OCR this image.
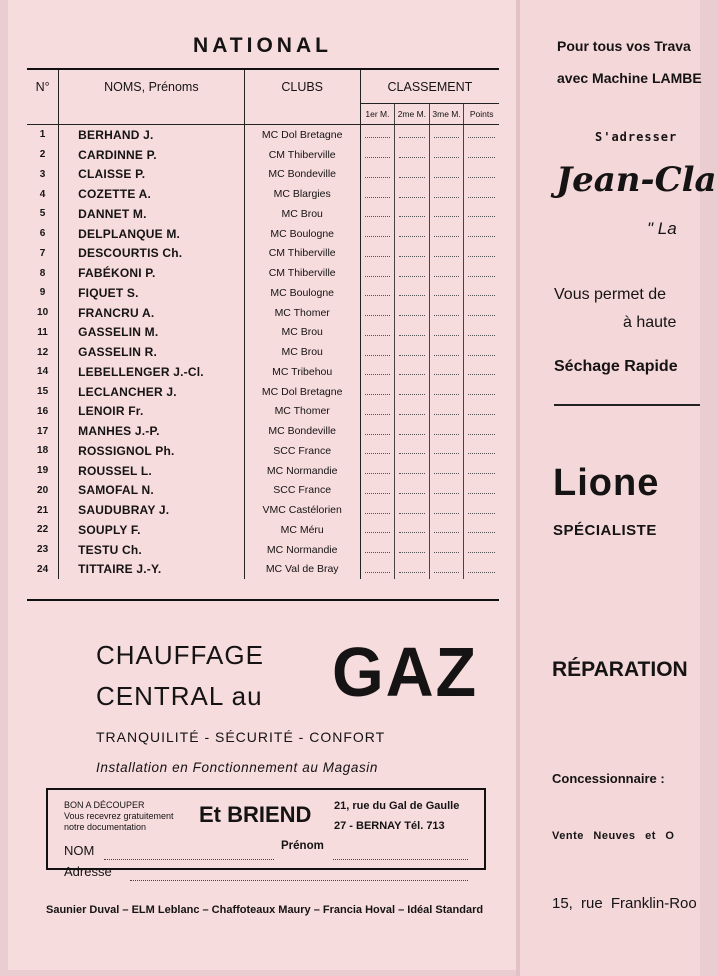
NATIONAL
N°	NOMS, Prénoms	CLUBS	CLASSEMENT			
			1er M.	2me M.	3me M.	Points
1	BERHAND J.	MC Dol Bretagne	

2	CARDINNE P.	CM Thiberville	

3	CLAISSE P.	MC Bondeville	

4	COZETTE A.	MC Blargies	

5	DANNET M.	MC Brou	

6	DELPLANQUE M.	MC Boulogne	

7	DESCOURTIS Ch.	CM Thiberville	

8	FABÉKONI P.	CM Thiberville	

9	FIQUET S.	MC Boulogne	

10	FRANCRU A.	MC Thomer	

11	GASSELIN M.	MC Brou	

12	GASSELIN R.	MC Brou	

14	LEBELLENGER J.-Cl.	MC Tribehou	

15	LECLANCHER J.	MC Dol Bretagne	

16	LENOIR Fr.	MC Thomer	

17	MANHES J.-P.	MC Bondeville	

18	ROSSIGNOL Ph.	SCC France	

19	ROUSSEL L.	MC Normandie	

20	SAMOFAL N.	SCC France	

21	SAUDUBRAY J.	VMC Castélorien	

22	SOUPLY F.	MC Méru	

23	TESTU Ch.	MC Normandie	

24	TITTAIRE J.-Y.	MC Val de Bray	

CHAUFFAGE
CENTRAL au GAZ
TRANQUILITÉ - SÉCURITÉ - CONFORT
Installation en Fonctionnement au Magasin
BON A DÉCOUPER
Vous recevrez gratuitement
notre documentation	Et BRIEND 21, rue du Gal de Gaulle
27 - BERNAY Tél. 713
NOM	Prénom
Adresse
Saunier Duval – ELM Leblanc – Chaffoteaux Maury – Francia Hoval – Idéal Standard
Pour tous vos Trava
avec Machine LAMBE
S'adresser
Jean-Cla
" La
Vous permet de
à haute
Séchage Rapide
Lione
SPÉCIALISTE
RÉPARATION
Concessionnaire :
Vente Neuves et O
15, rue Franklin-Roo
